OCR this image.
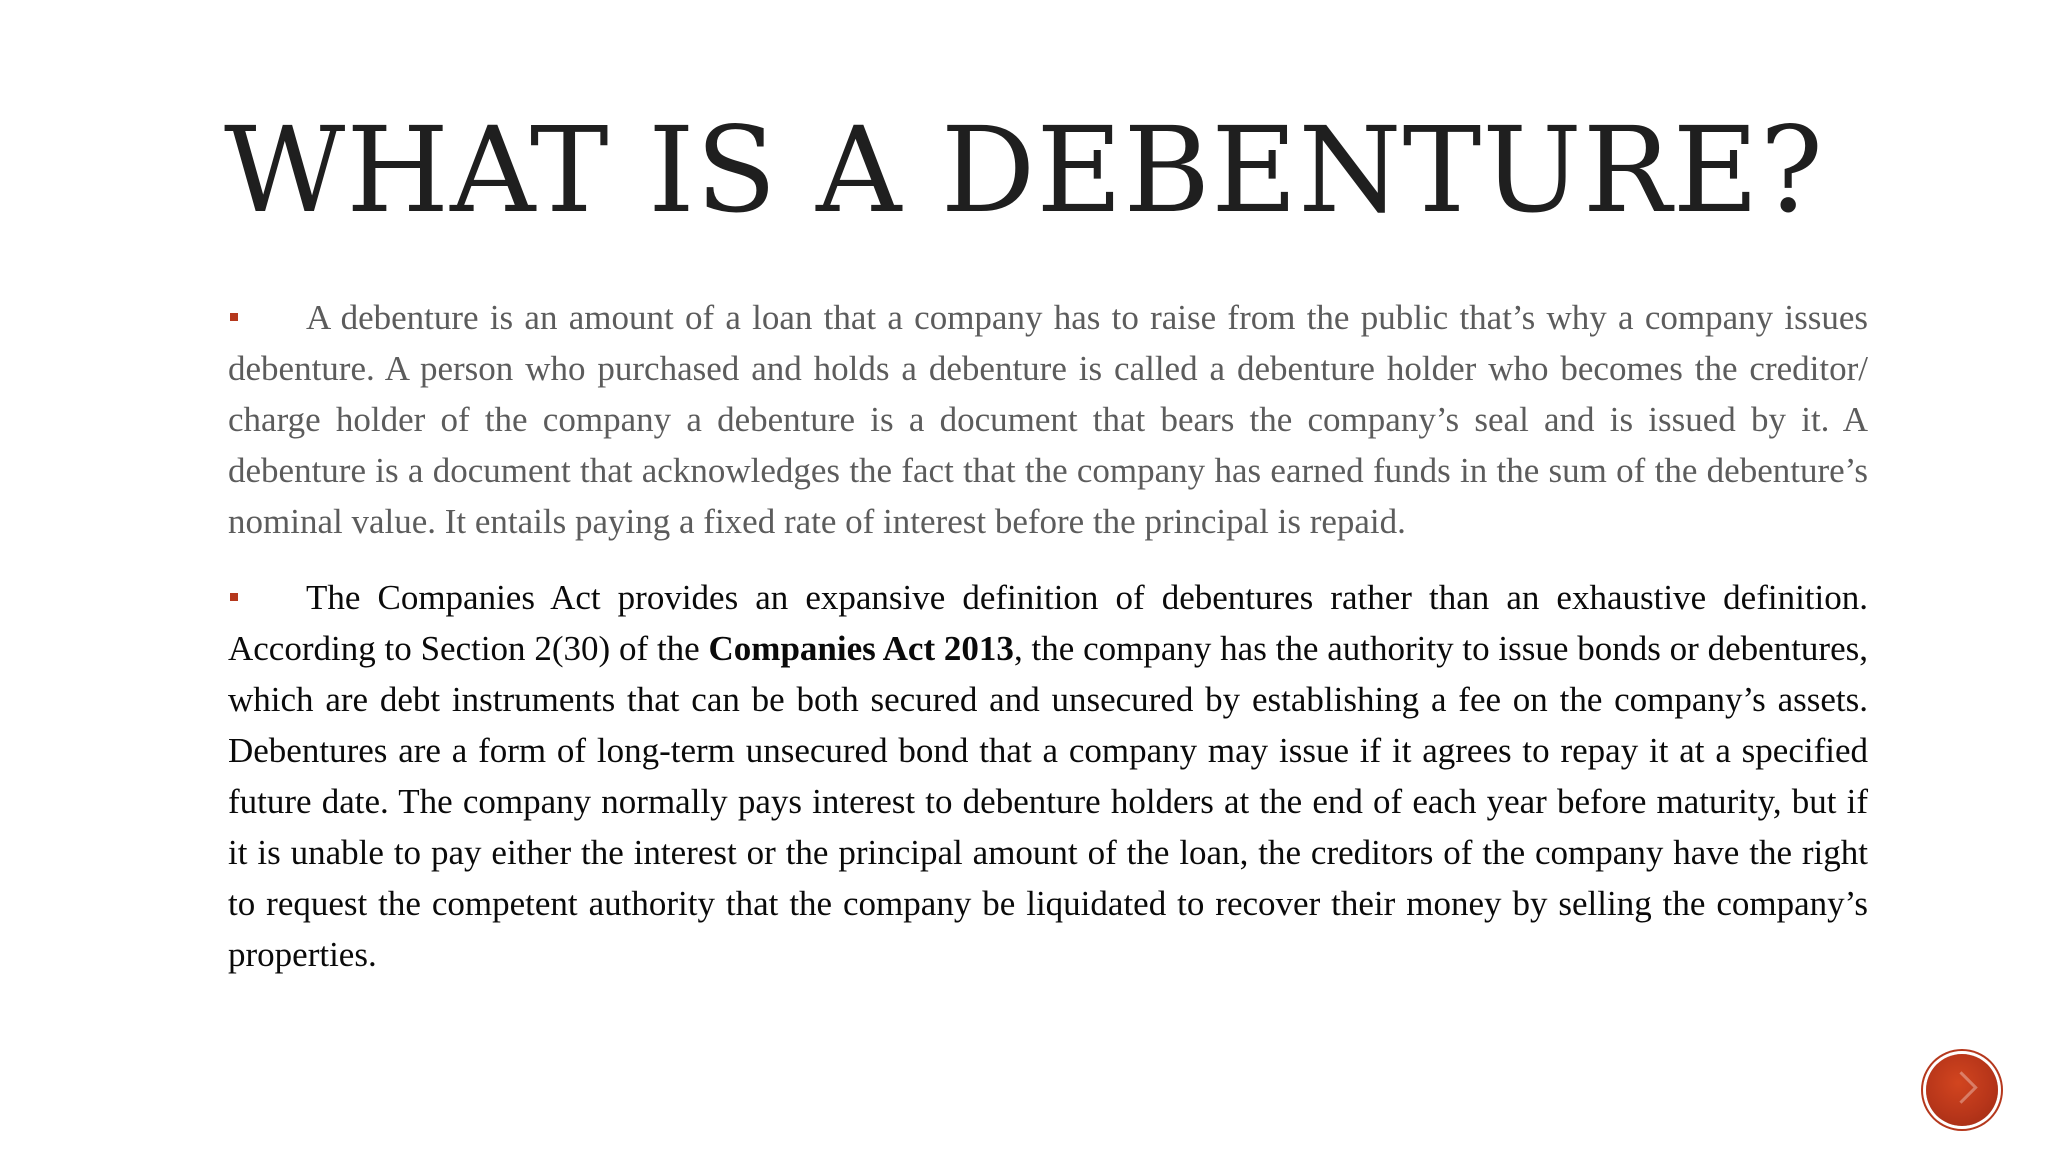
WHAT IS A DEBENTURE?

A debenture is an amount of a loan that a company has to raise from the public that’s why a company issues debenture. A person who purchased and holds a debenture is called a debenture holder who becomes the creditor/ charge holder of the company a debenture is a document that bears the company’s seal and is issued by it. A debenture is a document that acknowledges the fact that the company has earned funds in the sum of the debenture’s nominal value. It entails paying a fixed rate of interest before the principal is repaid.

The Companies Act provides an expansive definition of debentures rather than an exhaustive definition. According to Section 2(30) of the Companies Act 2013, the company has the authority to issue bonds or debentures, which are debt instruments that can be both secured and unsecured by establishing a fee on the company’s assets. Debentures are a form of long-term unsecured bond that a company may issue if it agrees to repay it at a specified future date. The company normally pays interest to debenture holders at the end of each year before maturity, but if it is unable to pay either the interest or the principal amount of the loan, the creditors of the company have the right to request the competent authority that the company be liquidated to recover their money by selling the company’s properties.
